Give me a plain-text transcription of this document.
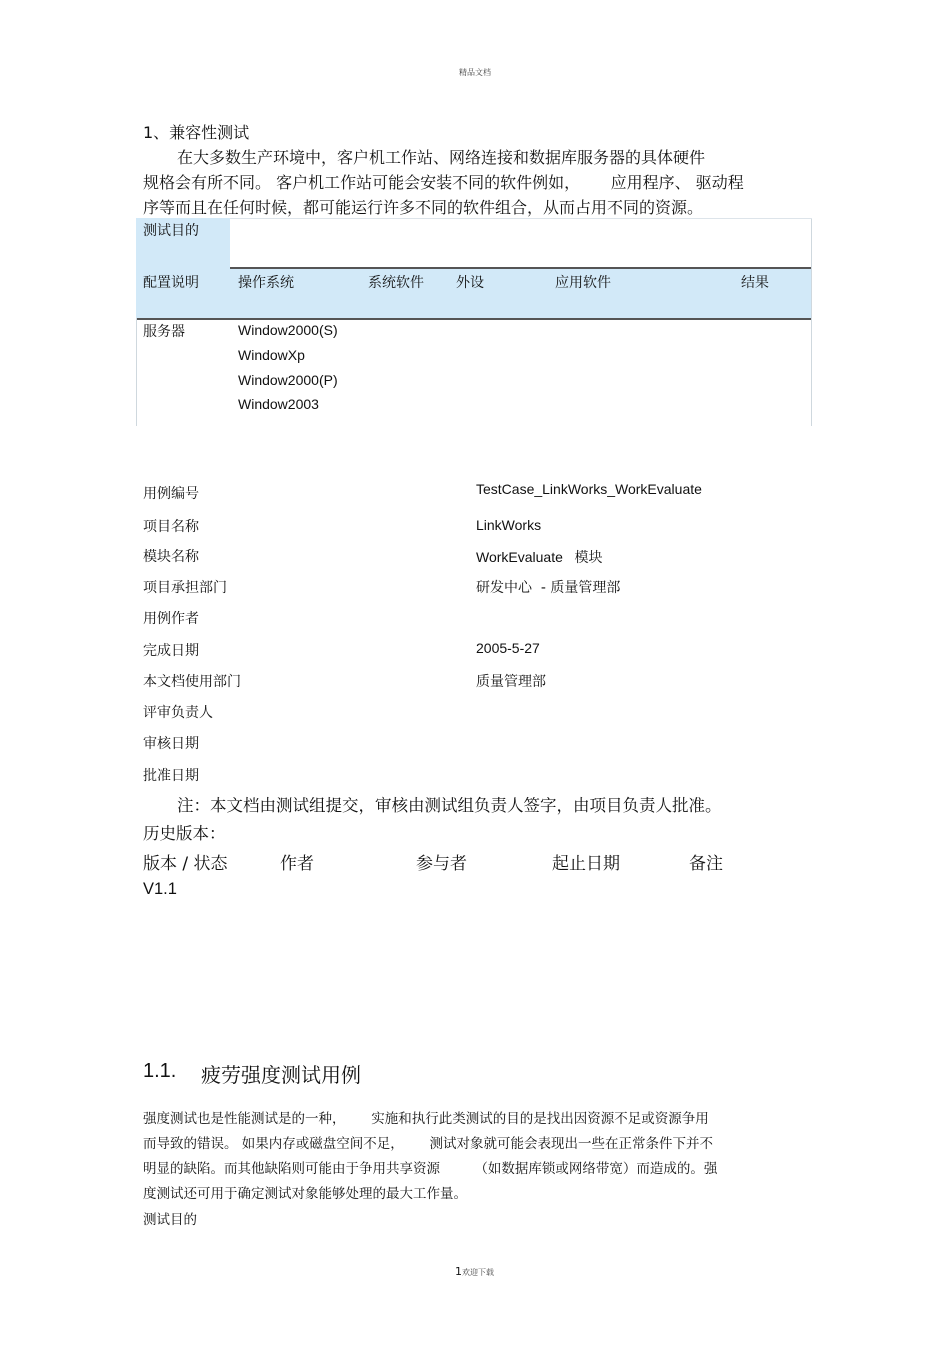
精品文档
1、兼容性测试
在大多数生产环境中，客户机工作站、网络连接和数据库服务器的具体硬件
规格会有所不同。 客户机工作站可能会安装不同的软件例如，      应用程序、 驱动程
序等而且在任何时候，都可能运行许多不同的软件组合，从而占用不同的资源。
测试目的
配置说明	操作系统	系统软件 外设	应用软件	结果
服务器	Window2000(S)
WindowXp
Window2000(P)
Window2003
用例编号	TestCase_LinkWorks_WorkEvaluate
项目名称	LinkWorks
模块名称	WorkEvaluate   模块
项目承担部门	研发中心  - 质量管理部
用例作者
完成日期	2005-5-27
本文档使用部门	质量管理部
评审负责人
审核日期
批准日期
注：本文档由测试组提交，审核由测试组负责人签字，由项目负责人批准。
历史版本：
版本 / 状态	作者	参与者	起止日期	备注
V1.1
1.1. 疲劳强度测试用例
强度测试也是性能测试是的一种，      实施和执行此类测试的目的是找出因资源不足或资源争用
而导致的错误。 如果内存或磁盘空间不足，      测试对象就可能会表现出一些在正常条件下并不
明显的缺陷。而其他缺陷则可能由于争用共享资源        （如数据库锁或网络带宽）而造成的。强
度测试还可用于确定测试对象能够处理的最大工作量。
测试目的
1欢迎下载
